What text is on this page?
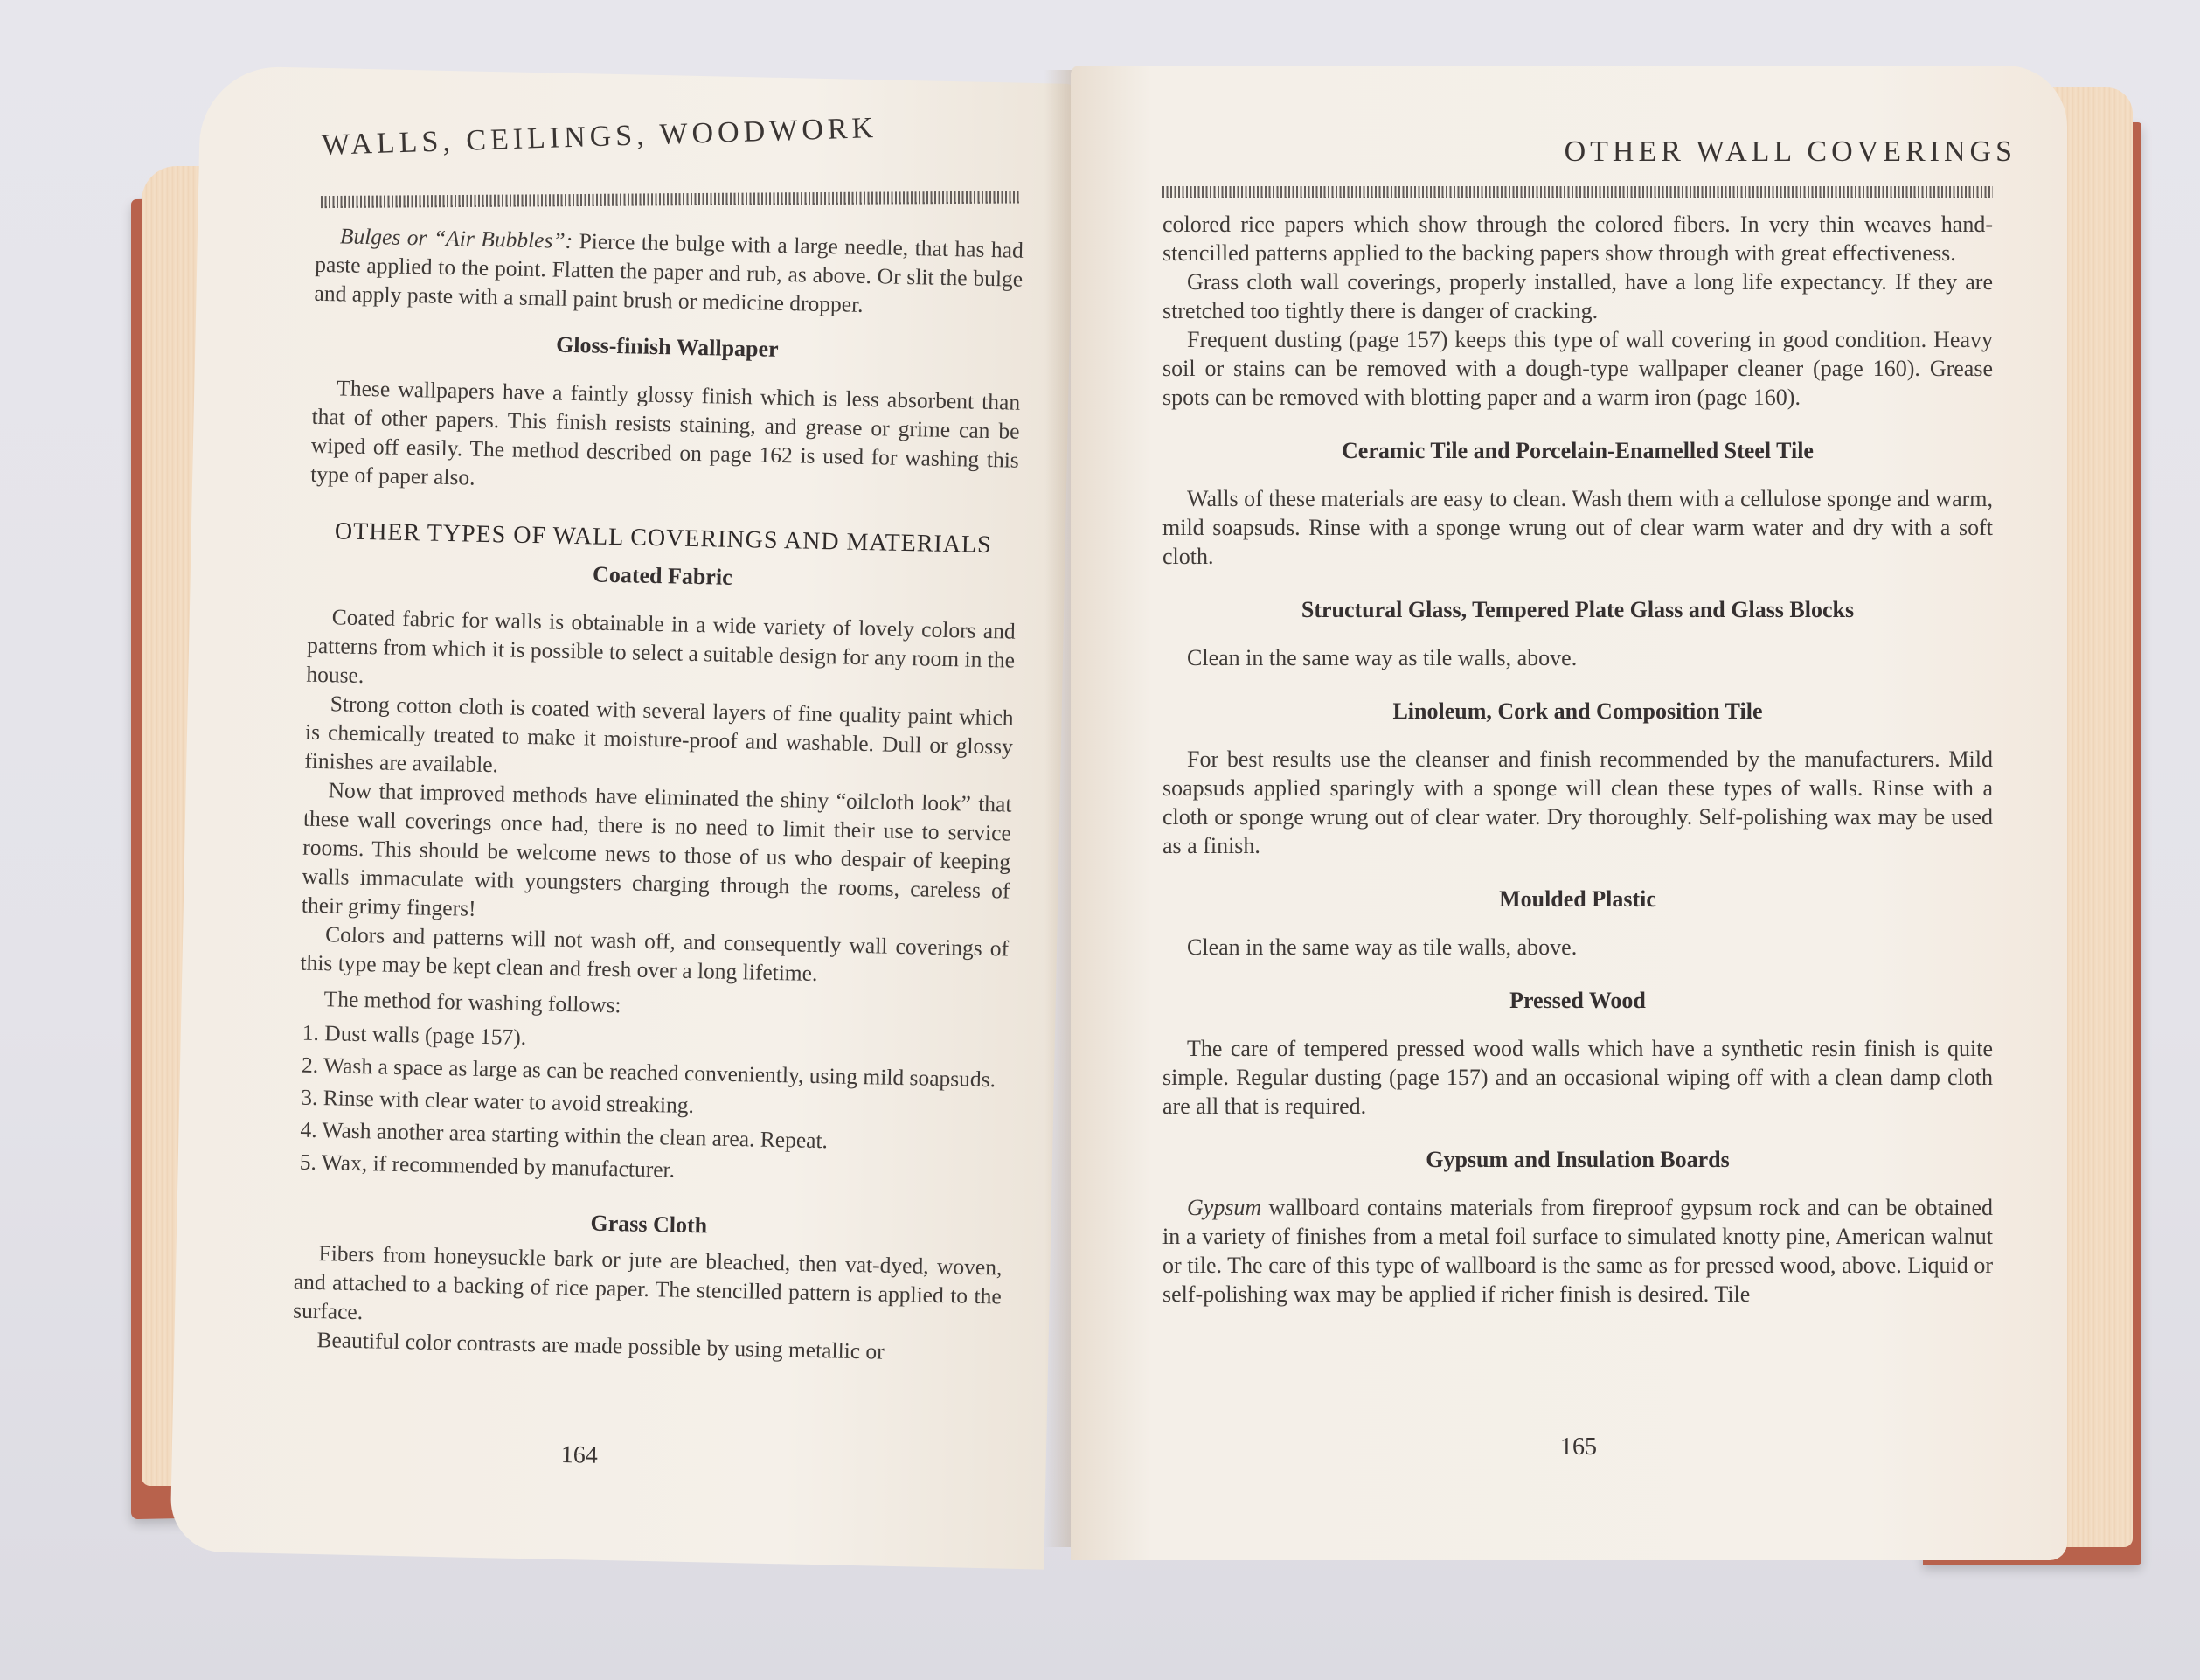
WALLS, CEILINGS, WOODWORK

Bulges or “Air Bubbles”: Pierce the bulge with a large needle, that has had paste applied to the point. Flatten the paper and rub, as above. Or slit the bulge and apply paste with a small paint brush or medicine dropper.

Gloss-finish Wallpaper

These wallpapers have a faintly glossy finish which is less absorbent than that of other papers. This finish resists staining, and grease or grime can be wiped off easily. The method described on page 162 is used for washing this type of paper also.

OTHER TYPES OF WALL COVERINGS AND MATERIALS
Coated Fabric

Coated fabric for walls is obtainable in a wide variety of lovely colors and patterns from which it is possible to select a suitable design for any room in the house.

Strong cotton cloth is coated with several layers of fine quality paint which is chemically treated to make it moisture-proof and washable. Dull or glossy finishes are available.

Now that improved methods have eliminated the shiny “oilcloth look” that these wall coverings once had, there is no need to limit their use to service rooms. This should be welcome news to those of us who despair of keeping walls immaculate with youngsters charging through the rooms, careless of their grimy fingers!

Colors and patterns will not wash off, and consequently wall coverings of this type may be kept clean and fresh over a long lifetime.

The method for washing follows:

1. Dust walls (page 157).
2. Wash a space as large as can be reached conveniently, using mild soapsuds.
3. Rinse with clear water to avoid streaking.
4. Wash another area starting within the clean area. Repeat.
5. Wax, if recommended by manufacturer.
Grass Cloth

Fibers from honeysuckle bark or jute are bleached, then vat-dyed, woven, and attached to a backing of rice paper. The stencilled pattern is applied to the surface.

Beautiful color contrasts are made possible by using metallic or

164
OTHER WALL COVERINGS

colored rice papers which show through the colored fibers. In very thin weaves hand-stencilled patterns applied to the backing papers show through with great effectiveness.

Grass cloth wall coverings, properly installed, have a long life expectancy. If they are stretched too tightly there is danger of cracking.

Frequent dusting (page 157) keeps this type of wall covering in good condition. Heavy soil or stains can be removed with a dough-type wallpaper cleaner (page 160). Grease spots can be removed with blotting paper and a warm iron (page 160).

Ceramic Tile and Porcelain-Enamelled Steel Tile

Walls of these materials are easy to clean. Wash them with a cellulose sponge and warm, mild soapsuds. Rinse with a sponge wrung out of clear warm water and dry with a soft cloth.

Structural Glass, Tempered Plate Glass and Glass Blocks

Clean in the same way as tile walls, above.

Linoleum, Cork and Composition Tile

For best results use the cleanser and finish recommended by the manufacturers. Mild soapsuds applied sparingly with a sponge will clean these types of walls. Rinse with a cloth or sponge wrung out of clear water. Dry thoroughly. Self-polishing wax may be used as a finish.

Moulded Plastic

Clean in the same way as tile walls, above.

Pressed Wood

The care of tempered pressed wood walls which have a synthetic resin finish is quite simple. Regular dusting (page 157) and an occasional wiping off with a clean damp cloth are all that is required.

Gypsum and Insulation Boards

Gypsum wallboard contains materials from fireproof gypsum rock and can be obtained in a variety of finishes from a metal foil surface to simulated knotty pine, American walnut or tile. The care of this type of wallboard is the same as for pressed wood, above. Liquid or self-polishing wax may be applied if richer finish is desired. Tile

165
